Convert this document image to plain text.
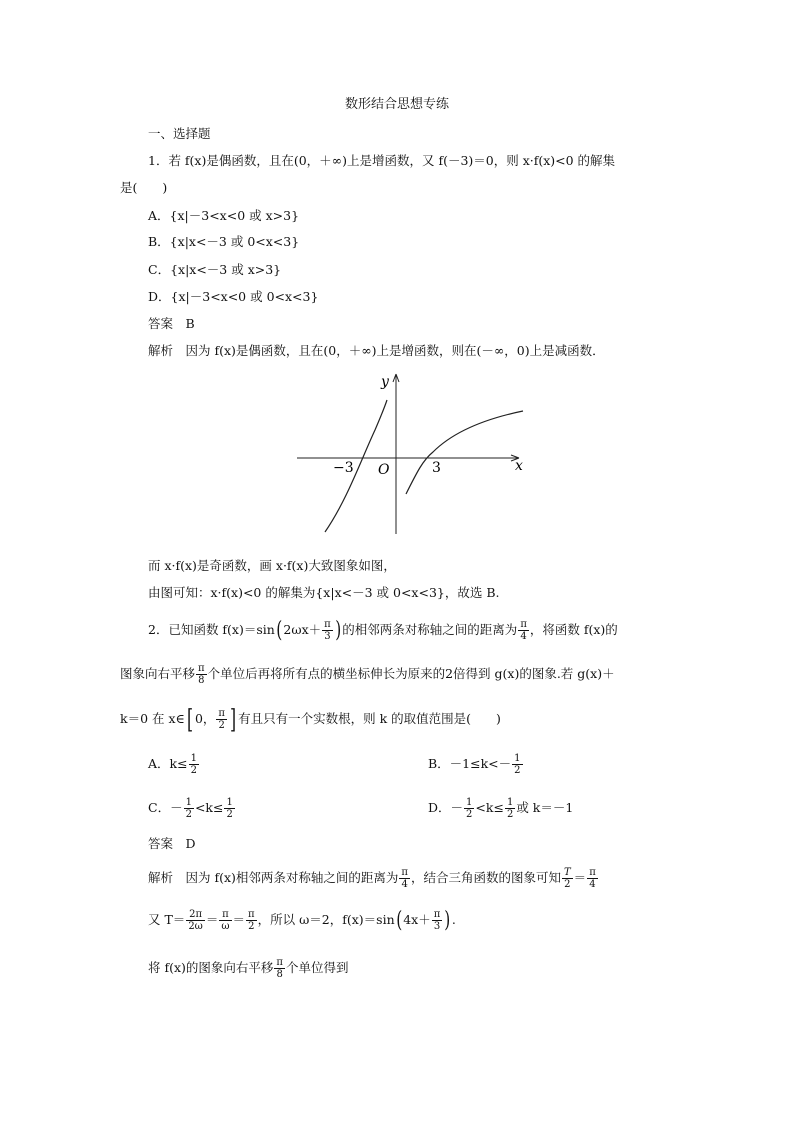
数形结合思想专练
一、选择题
1．若 f(x)是偶函数，且在(0，＋∞)上是增函数，又 f(－3)＝0，则 x·f(x)<0 的解集
是(　　)
A．{x|－3<x<0 或 x>3}
B．{x|x<－3 或 0<x<3}
C．{x|x<－3 或 x>3}
D．{x|－3<x<0 或 0<x<3}
答案　B
解析　因为 f(x)是偶函数，且在(0，＋∞)上是增函数，则在(－∞，0)上是减函数．
y
x
O
−3	3
而 x·f(x)是奇函数，画 x·f(x)大致图象如图，
由图可知：x·f(x)<0 的解集为{x|x<－3 或 0<x<3}，故选 B.
2．已知函数 $f(x)=\sin(2\omega x+ \frac{\pi}{3}$ )的相邻两条对称轴之间的距离为 $\frac{\pi}{4}$ ，将函数 f(x)的
图象向右平移 $\frac{\pi}{8}$ 个单位后再将所有点的横坐标伸长为原来的2倍得到 g(x)的图象.若 g(x)＋
k＝0 在 x∈[ 0， $\frac{\pi}{2}$ ] 有且只有一个实数根，则 k 的取值范围是(　　)
A．$k\le \frac{1}{2}$	B．$-1\le k<- \frac{1}{2}$
C．－ $\frac{1}{2} <k\le \frac{1}{2}$	D．－ $\frac{1}{2} <k\le \frac{1}{2}$ 或 k＝－1
答案　D
解析　因为 f(x)相邻两条对称轴之间的距离为 $\frac{\pi}{4}$ ，结合三角函数的图象可知 $\frac{T}{2} = \frac{\pi}{4}$
又 $T= \frac{2\pi}{2\omega} = \frac{\pi}{\omega} = \frac{\pi}{2}$ ，所以 ω＝2，$f(x)=\sin(4x+ \frac{\pi}{3}$ ).
将 f(x)的图象向右平移 $\frac{\pi}{8}$ 个单位得到
